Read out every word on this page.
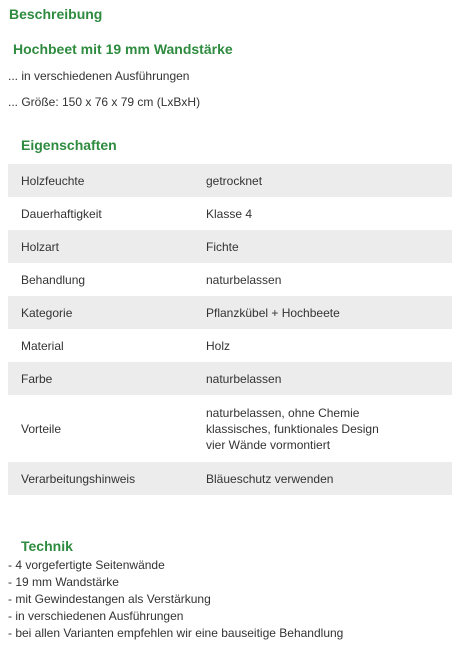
Beschreibung
Hochbeet mit 19 mm Wandstärke
... in verschiedenen Ausführungen
... Größe: 150 x 76 x 79 cm (LxBxH)
Eigenschaften
Holzfeuchte	getrocknet
Dauerhaftigkeit	Klasse 4
Holzart	Fichte
Behandlung	naturbelassen
Kategorie	Pflanzkübel + Hochbeete
Material	Holz
Farbe	naturbelassen
Vorteile	naturbelassen, ohne Chemie
klassisches, funktionales Design
vier Wände vormontiert

Verarbeitungshinweis	Bläueschutz verwenden
Technik
- 4 vorgefertigte Seitenwände
- 19 mm Wandstärke
- mit Gewindestangen als Verstärkung
- in verschiedenen Ausführungen
- bei allen Varianten empfehlen wir eine bauseitige Behandlung
